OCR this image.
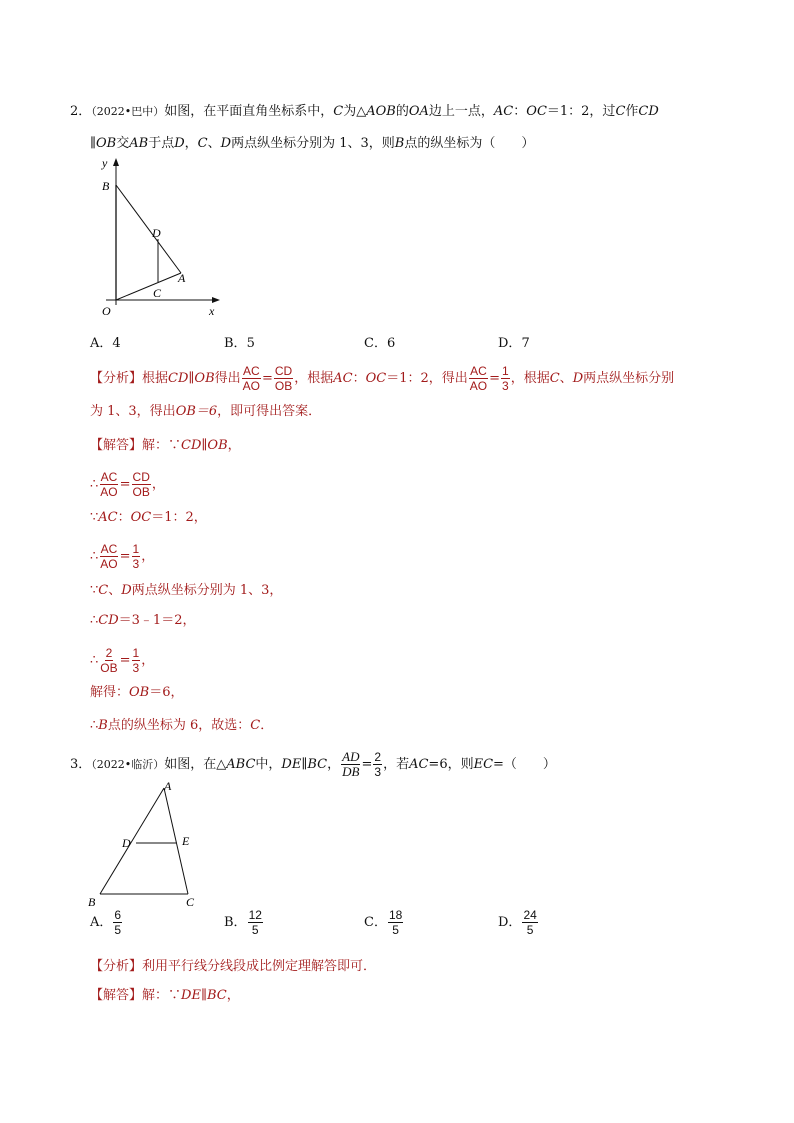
2．（2022•巴中）如图，在平面直角坐标系中，C为△AOB的OA边上一点，AC：OC＝1：2，过C作CD
∥OB交AB于点D，C、D两点纵坐标分别为 1、3，则B点的纵坐标为（　　）
y
B
D
A
C
O	x
A．4	B．5	C．6	D．7
【分析】根据CD∥OB得出 $\frac{AC}{AO} = \frac{CD}{OB}$ ，根据AC：OC＝1：2，得出 $\frac{AC}{AO} = \frac{1}{3}$ ，根据C、D两点纵坐标分别
为 1、3，得出OB＝6，即可得出答案．
【解答】解：∵CD∥OB，
∴ $\frac{AC}{AO} = \frac{CD}{OB}$ ，
∵AC：OC＝1：2，
∴ $\frac{AC}{AO} = \frac{1}{3}$ ，
∵C、D两点纵坐标分别为 1、3，
∴CD＝3﹣1＝2，
∴ $\frac{2}{OB} = \frac{1}{3}$ ，
解得：OB＝6，
∴B点的纵坐标为 6，故选：C．
3．（2022•临沂）如图，在△ABC中，DE∥BC， $\frac{AD}{DB} = \frac{2}{3}$ ，若AC=6，则EC=（　　）
A
D	E
B	C
A． $\frac{6}{5}$	B． $\frac{12}{5}$	C． $\frac{18}{5}$	D． $\frac{24}{5}$
【分析】利用平行线分线段成比例定理解答即可．
【解答】解：∵DE∥BC，
